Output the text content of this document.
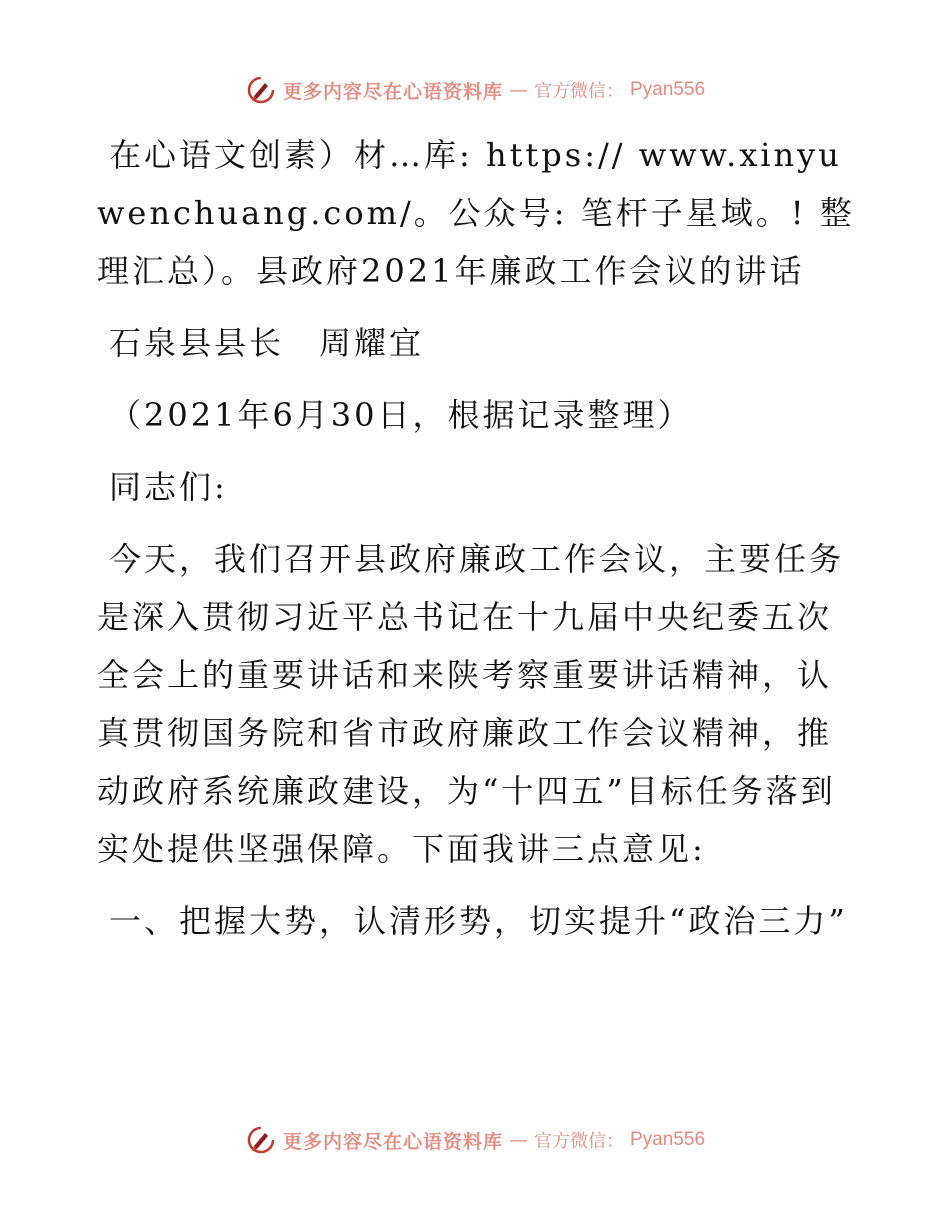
更多内容尽在心语资料库 — 官方微信： Pyan556

在心语文创素）材…库: https:// www.xinyuwenchuang.com/。公众号: 笔杆子星域。! 整理汇总）。县政府2021年廉政工作会议的讲话

石泉县县长　周耀宜

（2021年6月30日，根据记录整理）

同志们:

今天，我们召开县政府廉政工作会议，主要任务是深入贯彻习近平总书记在十九届中央纪委五次全会上的重要讲话和来陕考察重要讲话精神，认真贯彻国务院和省市政府廉政工作会议精神，推动政府系统廉政建设，为“十四五”目标任务落到实处提供坚强保障。下面我讲三点意见:

一、把握大势，认清形势，切实提升“政治三力”

更多内容尽在心语资料库 — 官方微信： Pyan556
